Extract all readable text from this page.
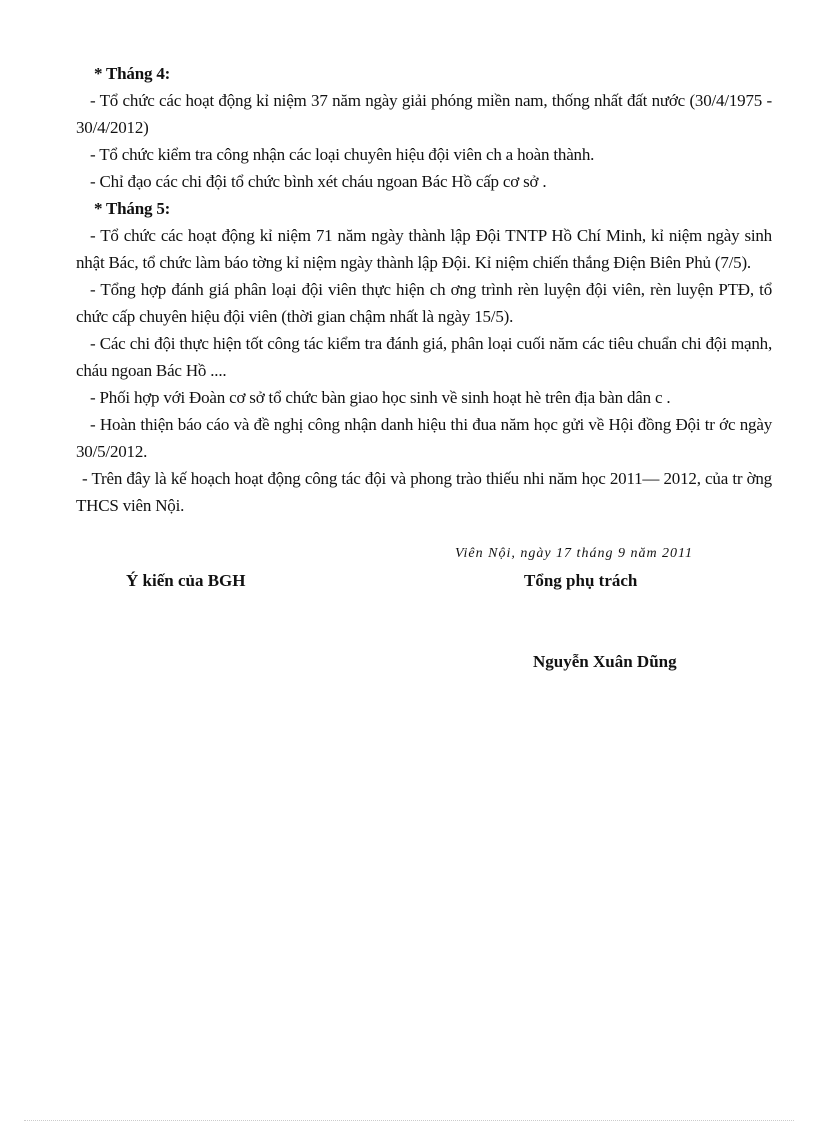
* Tháng 4:

- Tổ chức các hoạt động kỉ niệm 37 năm ngày giải phóng miền nam, thống nhất đất nước (30/4/1975 - 30/4/2012)

- Tổ chức kiểm tra công nhận các loại chuyên hiệu đội viên ch a hoàn thành.

- Chỉ đạo các chi đội tổ chức bình xét cháu ngoan Bác Hồ cấp cơ sở .

* Tháng 5:

- Tổ chức các hoạt động kỉ niệm 71 năm ngày thành lập Đội TNTP Hồ Chí Minh, kỉ niệm ngày sinh nhật Bác, tổ chức làm báo tờng kỉ niệm ngày thành lập Đội. Kỉ niệm chiến thắng Điện Biên Phủ (7/5).

- Tổng hợp đánh giá phân loại đội viên thực hiện ch ơng trình rèn luyện đội viên, rèn luyện PTĐ, tổ chức cấp chuyên hiệu đội viên (thời gian chậm nhất là ngày 15/5).

- Các chi đội thực hiện tốt công tác kiểm tra đánh giá, phân loại cuối năm các tiêu chuẩn chi đội mạnh, cháu ngoan Bác Hồ ....

- Phối hợp với Đoàn cơ sở tổ chức bàn giao học sinh về sinh hoạt hè trên địa bàn dân c .

- Hoàn thiện báo cáo và đề nghị công nhận danh hiệu thi đua năm học gửi về Hội đồng Đội tr ớc ngày 30/5/2012.

- Trên đây là kế hoạch hoạt động công tác đội và phong trào thiếu nhi năm học 2011— 2012, của tr ờng THCS viên Nội.

Viên Nội, ngày 17 tháng 9 năm 2011
Ý kiến của BGH	Tổng phụ trách
Nguyễn Xuân Dũng
